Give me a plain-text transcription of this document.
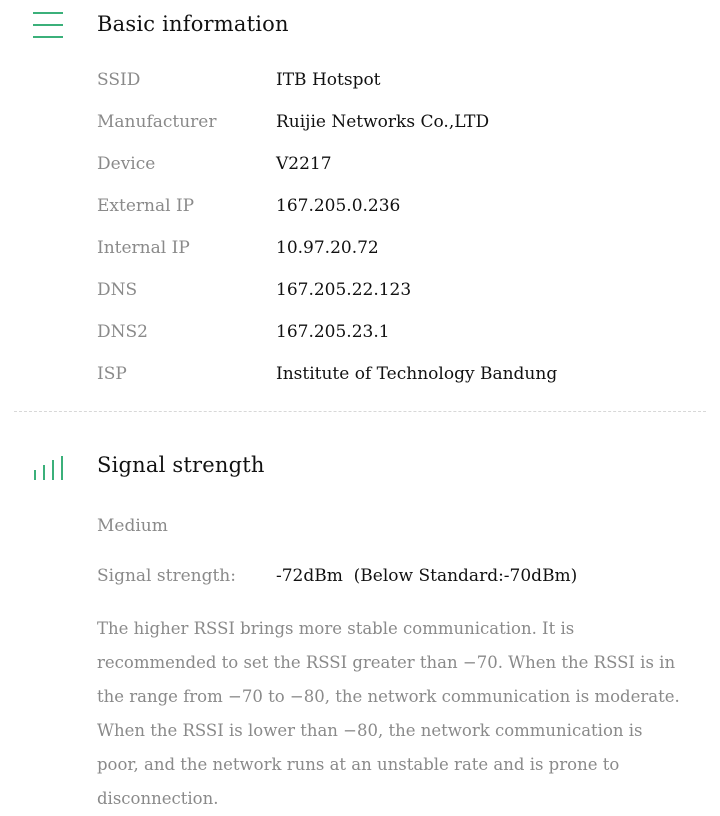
Basic information
SSID	ITB Hotspot
Manufacturer	Ruijie Networks Co.,LTD
Device	V2217
External IP	167.205.0.236
Internal IP	10.97.20.72
DNS	167.205.22.123
DNS2	167.205.23.1
ISP	Institute of Technology Bandung
Signal strength
Medium
Signal strength: -72dBm  (Below Standard:-70dBm)
The higher RSSI brings more stable communication. It is recommended to set the RSSI greater than −70. When the RSSI is in the range from −70 to −80, the network communication is moderate. When the RSSI is lower than −80, the network communication is poor, and the network runs at an unstable rate and is prone to disconnection.
